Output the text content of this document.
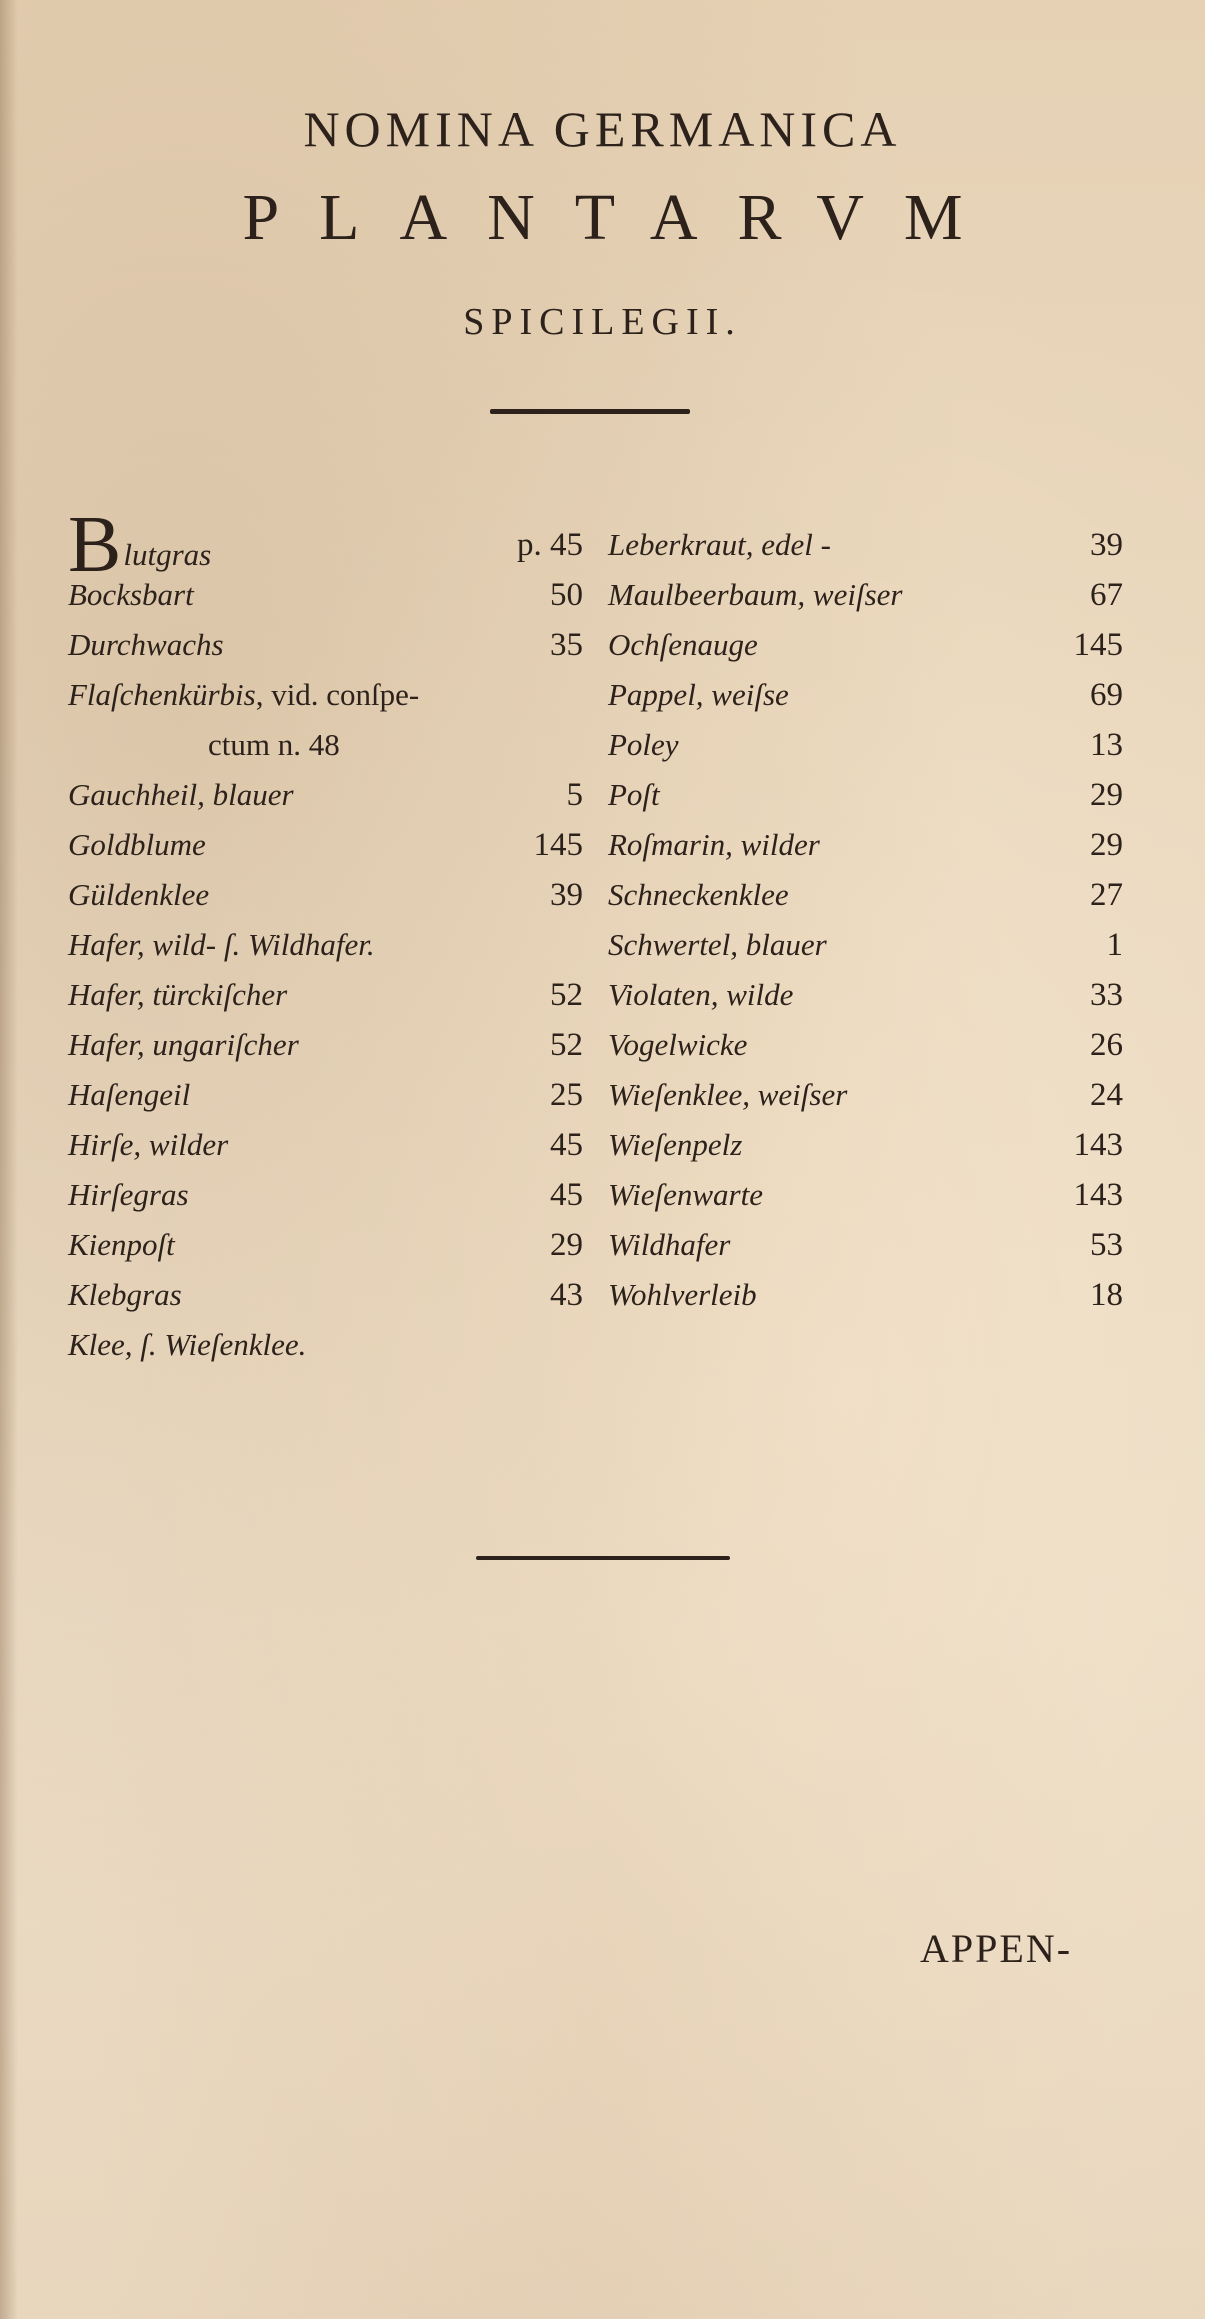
NOMINA GERMANICA
PLANTARVM
SPICILEGII.
Blutgras	p. 45
Bocksbart	50
Durchwachs	35
Flaſchenkürbis, vid. conſpe-
ctum n. 48
Gauchheil, blauer	5
Goldblume	145
Güldenklee	39
Hafer, wild- ſ. Wildhafer.
Hafer, türckiſcher	52
Hafer, ungariſcher	52
Haſengeil	25
Hirſe, wilder	45
Hirſegras	45
Kienpoſt	29
Klebgras	43
Klee, ſ. Wieſenklee.
Leberkraut, edel -	39
Maulbeerbaum, weiſser	67
Ochſenauge	145
Pappel, weiſse	69
Poley	13
Poſt	29
Roſmarin, wilder	29
Schneckenklee	27
Schwertel, blauer	1
Violaten, wilde	33
Vogelwicke	26
Wieſenklee, weiſser	24
Wieſenpelz	143
Wieſenwarte	143
Wildhafer	53
Wohlverleib	18

APPEN-
